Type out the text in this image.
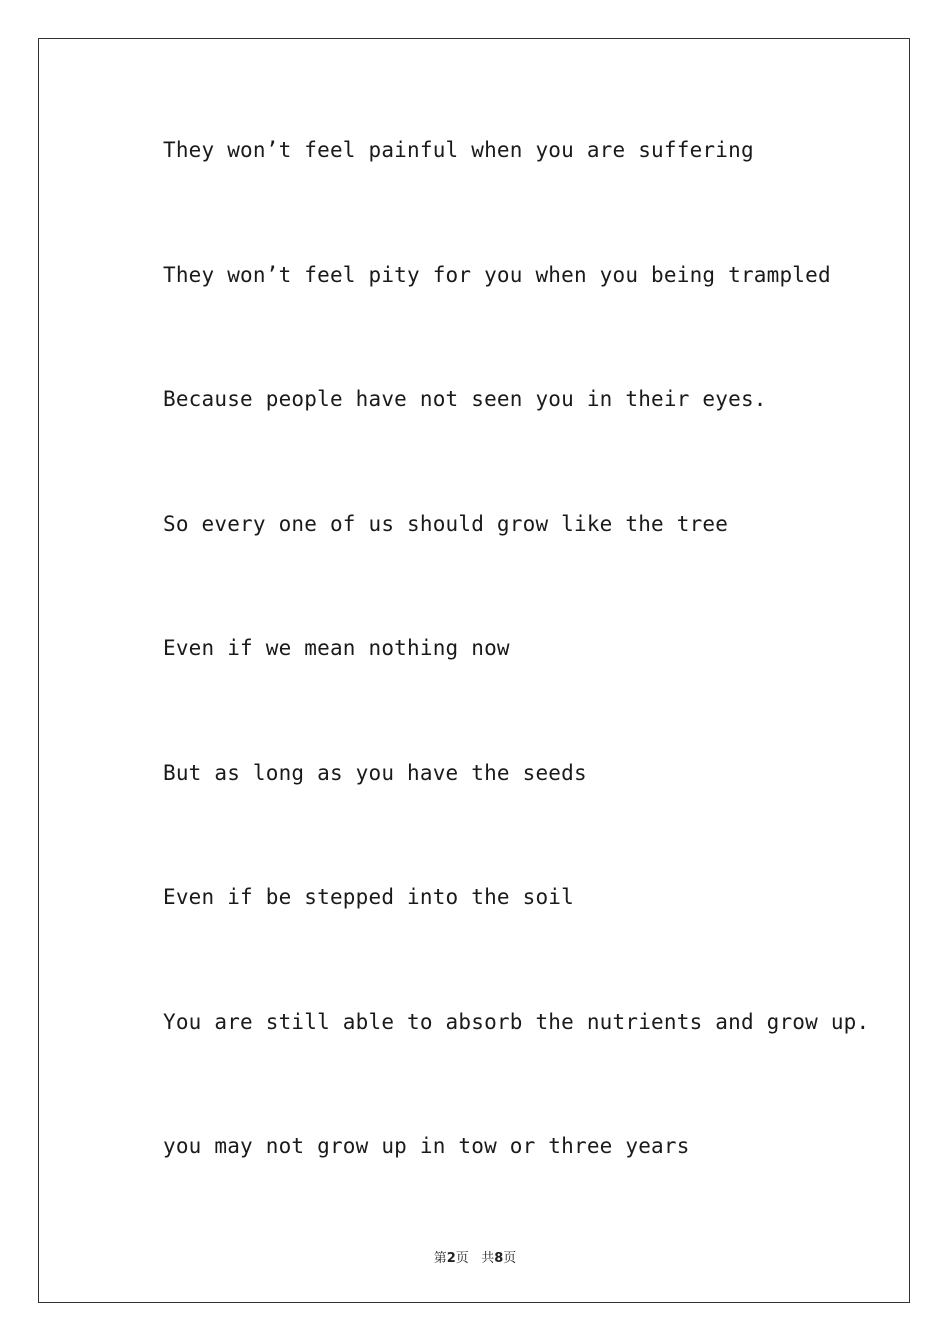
They won’t feel painful when you are suffering

They won’t feel pity for you when you being trampled

Because people have not seen you in their eyes.

So every one of us should grow like the tree

Even if we mean nothing now

But as long as you have the seeds

Even if be stepped into the soil

You are still able to absorb the nutrients and grow up.

you may not grow up in tow or three years

第2页 共8页
